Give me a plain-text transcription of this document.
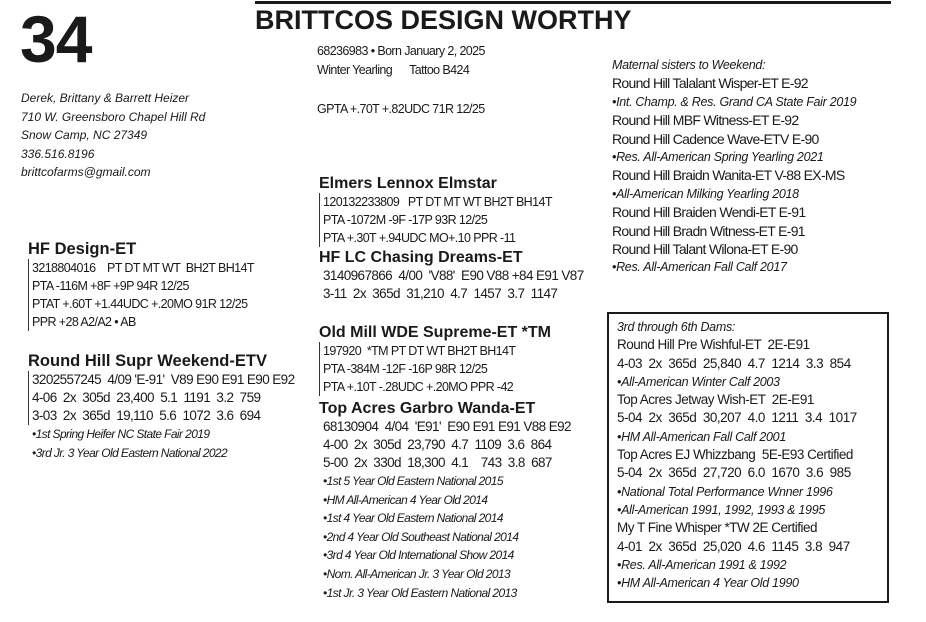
34	BRITTCOS DESIGN WORTHY
68236983 • Born January 2, 2025
Winter Yearling      Tattoo B424
GPTA +.70T +.82UDC 71R 12/25
Derek, Brittany & Barrett Heizer
710 W. Greensboro Chapel Hill Rd
Snow Camp, NC 27349
336.516.8196
brittcofarms@gmail.com
HF Design-ET
3218804016    PT DT MT WT  BH2T BH14T
PTA -116M +8F +9P 94R 12/25
PTAT +.60T +1.44UDC +.20MO 91R 12/25
PPR +28 A2/A2 • AB
Round Hill Supr Weekend-ETV
3202557245  4/09 'E-91'  V89 E90 E91 E90 E92
4-06  2x  305d  23,400  5.1  1191  3.2  759
3-03  2x  365d  19,110  5.6  1072  3.6  694
•1st Spring Heifer NC State Fair 2019
•3rd Jr. 3 Year Old Eastern National 2022
Elmers Lennox Elmstar
120132233809   PT DT MT WT BH2T BH14T
PTA -1072M -9F -17P 93R 12/25
PTA +.30T +.94UDC MO+.10 PPR -11
HF LC Chasing Dreams-ET
3140967866  4/00  'V88'  E90 V88 +84 E91 V87
3-11  2x  365d  31,210  4.7  1457  3.7  1147
Old Mill WDE Supreme-ET *TM
197920  *TM PT DT WT BH2T BH14T
PTA -384M -12F -16P 98R 12/25
PTA +.10T -.28UDC +.20MO PPR -42
Top Acres Garbro Wanda-ET
68130904  4/04  'E91'  E90 E91 E91 V88 E92
4-00  2x  305d  23,790  4.7  1109  3.6  864
5-00  2x  330d  18,300  4.1    743  3.8  687
•1st 5 Year Old Eastern National 2015
•HM All-American 4 Year Old 2014
•1st 4 Year Old Eastern National 2014
•2nd 4 Year Old Southeast National 2014
•3rd 4 Year Old International Show 2014
•Nom. All-American Jr. 3 Year Old 2013
•1st Jr. 3 Year Old Eastern National 2013
Maternal sisters to Weekend:
Round Hill Talalant Wisper-ET E-92
•Int. Champ. & Res. Grand CA State Fair 2019
Round Hill MBF Witness-ET E-92
Round Hill Cadence Wave-ETV E-90
•Res. All-American Spring Yearling 2021
Round Hill Braidn Wanita-ET V-88 EX-MS
•All-American Milking Yearling 2018
Round Hill Braiden Wendi-ET E-91
Round Hill Bradn Witness-ET E-91
Round Hill Talant Wilona-ET E-90
•Res. All-American Fall Calf 2017
3rd through 6th Dams:
Round Hill Pre Wishful-ET  2E-E91
4-03  2x  365d  25,840  4.7  1214  3.3  854
•All-American Winter Calf 2003
Top Acres Jetway Wish-ET  2E-E91
5-04  2x  365d  30,207  4.0  1211  3.4  1017
•HM All-American Fall Calf 2001
Top Acres EJ Whizzbang  5E-E93 Certified
5-04  2x  365d  27,720  6.0  1670  3.6  985
•National Total Performance Wnner 1996
•All-American 1991, 1992, 1993 & 1995
My T Fine Whisper *TW 2E Certified
4-01  2x  365d  25,020  4.6  1145  3.8  947
•Res. All-American 1991 & 1992
•HM All-American 4 Year Old 1990
